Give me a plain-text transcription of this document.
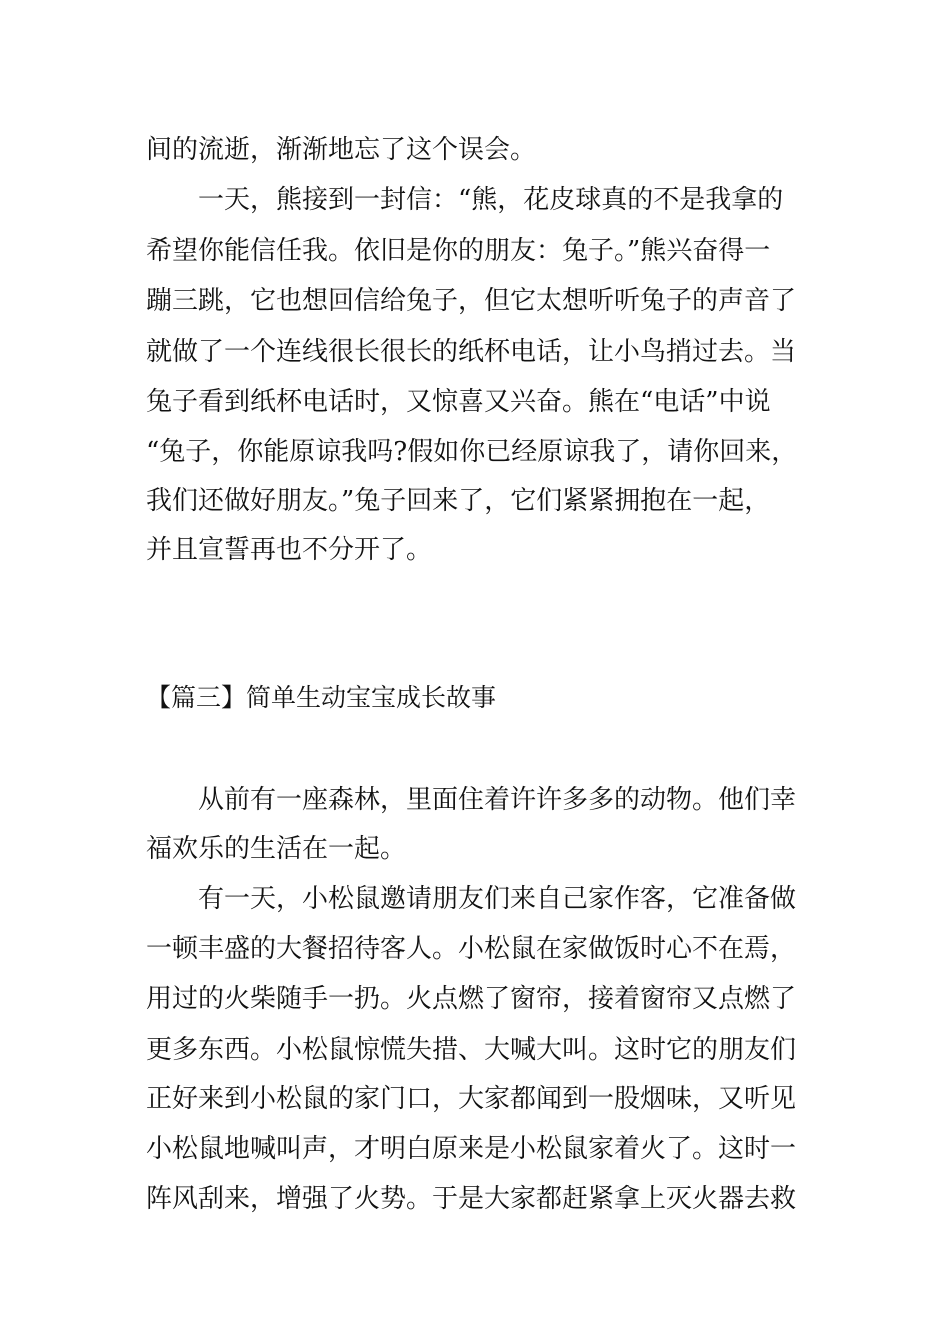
间的流逝，渐渐地忘了这个误会。
一天，熊接到一封信：“熊，花皮球真的不是我拿的
希望你能信任我。依旧是你的朋友：兔子。”熊兴奋得一
蹦三跳，它也想回信给兔子，但它太想听听兔子的声音了
就做了一个连线很长很长的纸杯电话，让小鸟捎过去。当
兔子看到纸杯电话时，又惊喜又兴奋。熊在“电话”中说
“兔子，你能原谅我吗?假如你已经原谅我了，请你回来，
我们还做好朋友。”兔子回来了，它们紧紧拥抱在一起，
并且宣誓再也不分开了。
【篇三】简单生动宝宝成长故事
从前有一座森林，里面住着许许多多的动物。他们幸
福欢乐的生活在一起。
有一天，小松鼠邀请朋友们来自己家作客，它准备做
一顿丰盛的大餐招待客人。小松鼠在家做饭时心不在焉，
用过的火柴随手一扔。火点燃了窗帘，接着窗帘又点燃了
更多东西。小松鼠惊慌失措、大喊大叫。这时它的朋友们
正好来到小松鼠的家门口，大家都闻到一股烟味，又听见
小松鼠地喊叫声，才明白原来是小松鼠家着火了。这时一
阵风刮来，增强了火势。于是大家都赶紧拿上灭火器去救
